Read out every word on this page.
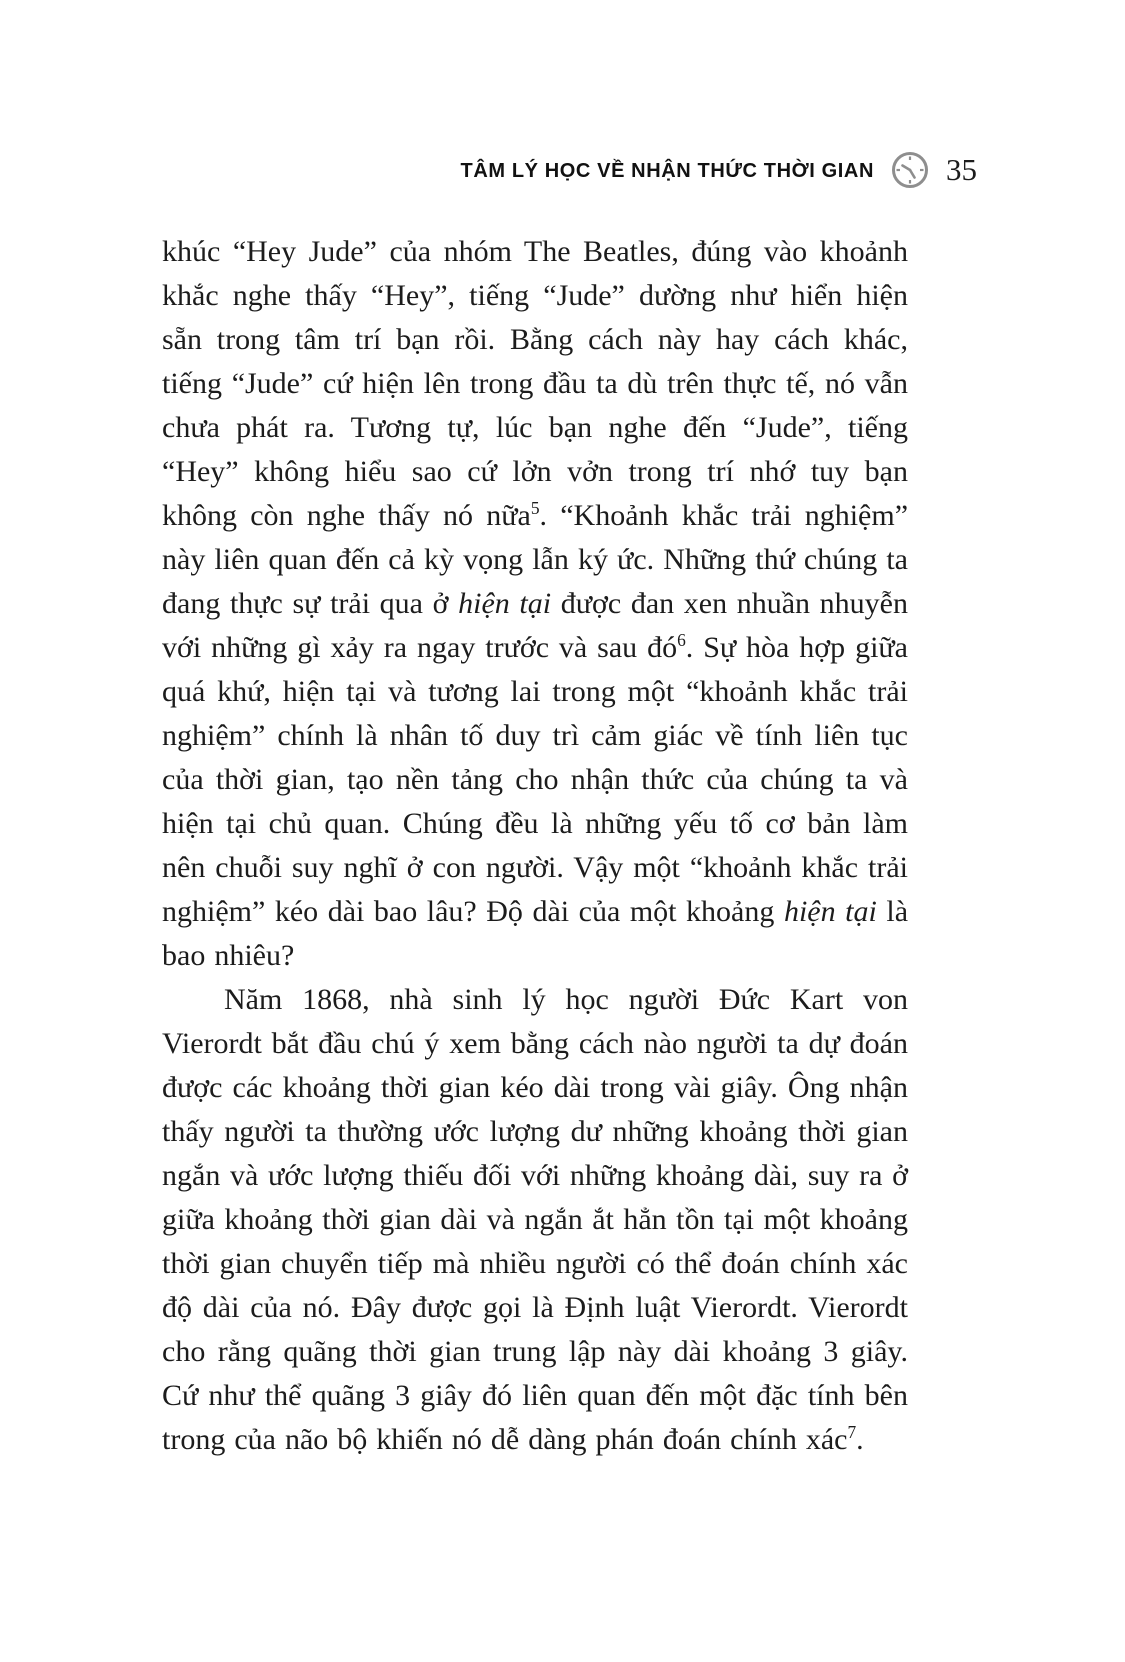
TÂM LÝ HỌC VỀ NHẬN THỨC THỜI GIAN 35

khúc “Hey Jude” của nhóm The Beatles, đúng vào khoảnh khắc nghe thấy “Hey”, tiếng “Jude” dường như hiển hiện sẵn trong tâm trí bạn rồi. Bằng cách này hay cách khác, tiếng “Jude” cứ hiện lên trong đầu ta dù trên thực tế, nó vẫn chưa phát ra. Tương tự, lúc bạn nghe đến “Jude”, tiếng “Hey” không hiểu sao cứ lởn vởn trong trí nhớ tuy bạn không còn nghe thấy nó nữa$^5$. “Khoảnh khắc trải nghiệm” này liên quan đến cả kỳ vọng lẫn ký ức. Những thứ chúng ta đang thực sự trải qua ở hiện tại được đan xen nhuần nhuyễn với những gì xảy ra ngay trước và sau $đó^6$. Sự hòa hợp giữa quá khứ, hiện tại và tương lai trong một “khoảnh khắc trải nghiệm” chính là nhân tố duy trì cảm giác về tính liên tục của thời gian, tạo nền tảng cho nhận thức của chúng ta và hiện tại chủ quan. Chúng đều là những yếu tố cơ bản làm nên chuỗi suy nghĩ ở con người. Vậy một “khoảnh khắc trải nghiệm” kéo dài bao lâu? Độ dài của một khoảng hiện tại là bao nhiêu?

Năm 1868, nhà sinh lý học người Đức Kart von Vierordt bắt đầu chú ý xem bằng cách nào người ta dự đoán được các khoảng thời gian kéo dài trong vài giây. Ông nhận thấy người ta thường ước lượng dư những khoảng thời gian ngắn và ước lượng thiếu đối với những khoảng dài, suy ra ở giữa khoảng thời gian dài và ngắn ắt hẳn tồn tại một khoảng thời gian chuyển tiếp mà nhiều người có thể đoán chính xác độ dài của nó. Đây được gọi là Định luật Vierordt. Vierordt cho rằng quãng thời gian trung lập này dài khoảng 3 giây. Cứ như thể quãng 3 giây đó liên quan đến một đặc tính bên trong của não bộ khiến nó dễ dàng phán đoán chính xác$^7$.
